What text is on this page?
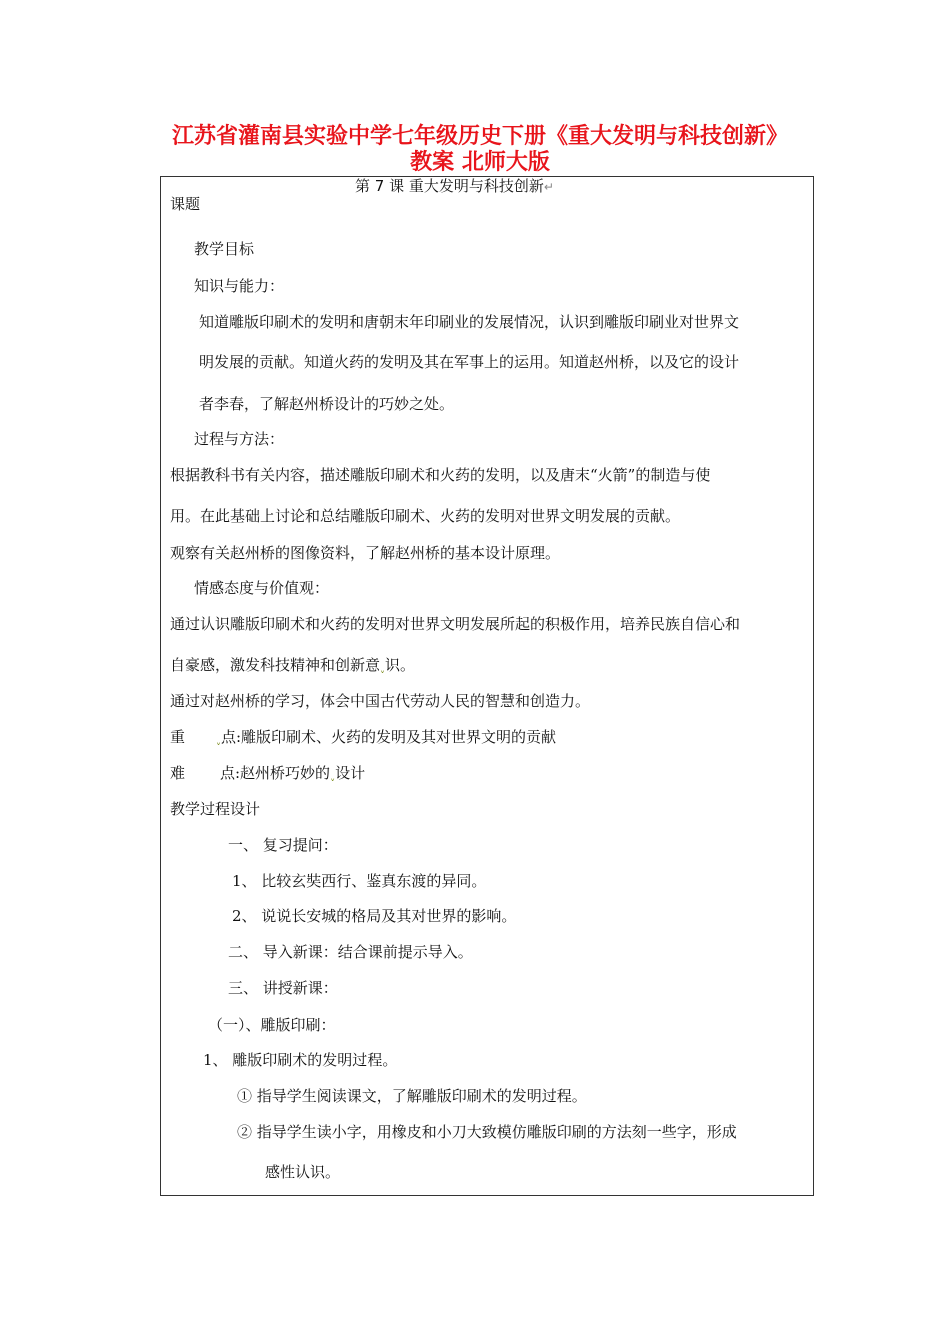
江苏省灌南县实验中学七年级历史下册《重大发明与科技创新》
教案 北师大版
第 7 课 重大发明与科技创新↵
课题
教学目标
知识与能力：
知道雕版印刷术的发明和唐朝末年印刷业的发展情况，认识到雕版印刷业对世界文
明发展的贡献。知道火药的发明及其在军事上的运用。知道赵州桥，以及它的设计
者李春，了解赵州桥设计的巧妙之处。
过程与方法：
根据教科书有关内容，描述雕版印刷术和火药的发明，以及唐末“火箭”的制造与使
用。在此基础上讨论和总结雕版印刷术、火药的发明对世界文明发展的贡献。
观察有关赵州桥的图像资料，了解赵州桥的基本设计原理。
情感态度与价值观：
通过认识雕版印刷术和火药的发明对世界文明发展所起的积极作用，培养民族自信心和
自豪感，激发科技精神和创新意ˬ识。
通过对赵州桥的学习，体会中国古代劳动人民的智慧和创造力。
重	ˬ点:雕版印刷术、火药的发明及其对世界文明的贡献
难 点:赵州桥巧妙的ˬ设计
教学过程设计
一、 复习提问：
1、 比较玄奘西行、鉴真东渡的异同。
2、 说说长安城的格局及其对世界的影响。
二、 导入新课：结合课前提示导入。
三、 讲授新课：
（一）、雕版印刷：
1、 雕版印刷术的发明过程。
① 指导学生阅读课文，了解雕版印刷术的发明过程。
② 指导学生读小字，用橡皮和小刀大致模仿雕版印刷的方法刻一些字，形成
感性认识。
